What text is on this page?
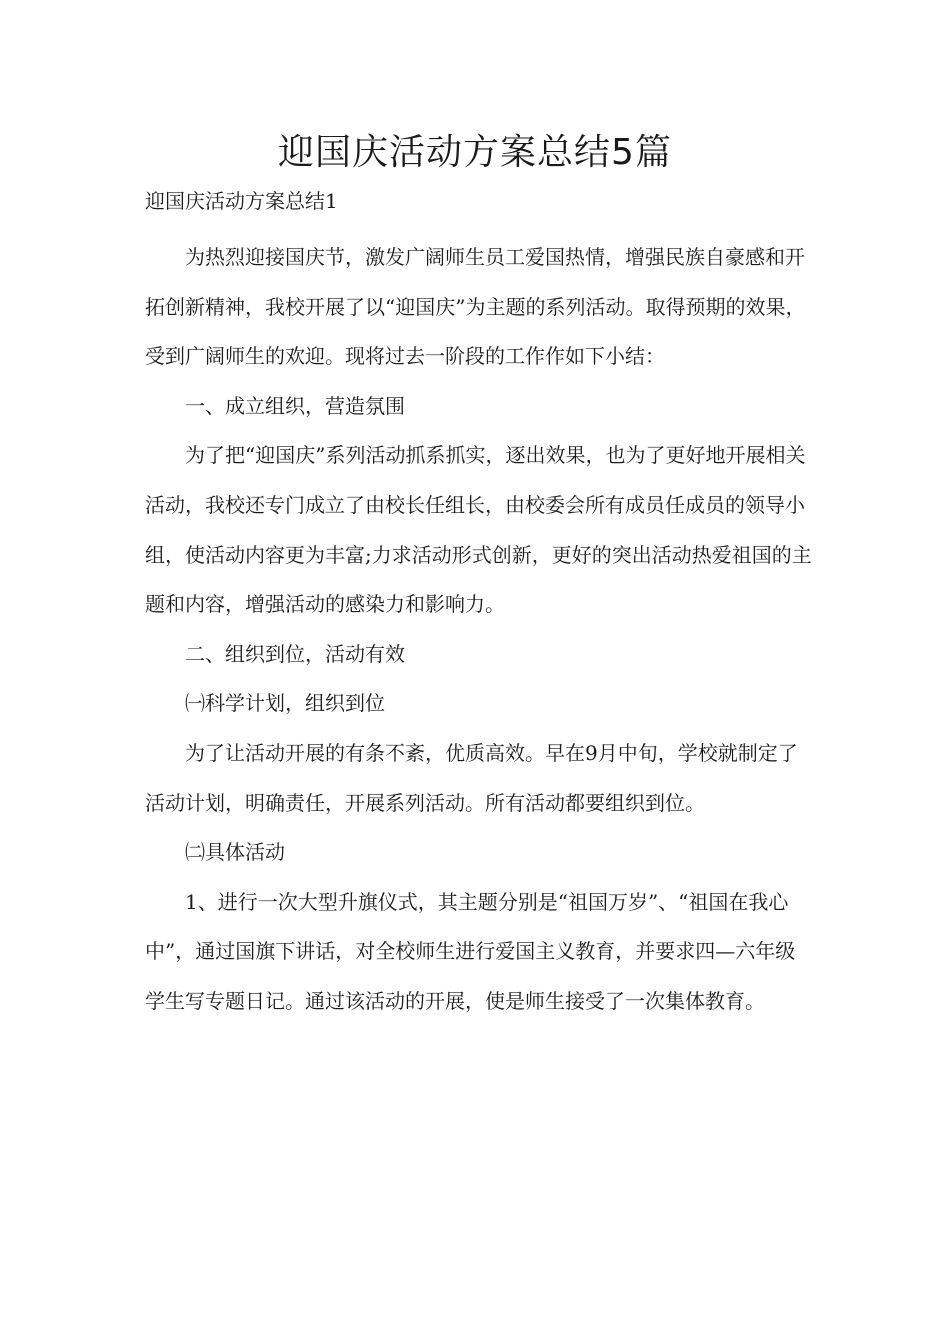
迎国庆活动方案总结5篇
迎国庆活动方案总结1

为热烈迎接国庆节，激发广阔师生员工爱国热情，增强民族自豪感和开拓创新精神，我校开展了以“迎国庆”为主题的系列活动。取得预期的效果，受到广阔师生的欢迎。现将过去一阶段的工作作如下小结：

一、成立组织，营造氛围

为了把“迎国庆”系列活动抓系抓实，逐出效果，也为了更好地开展相关活动，我校还专门成立了由校长任组长，由校委会所有成员任成员的领导小组，使活动内容更为丰富;力求活动形式创新，更好的突出活动热爱祖国的主题和内容，增强活动的感染力和影响力。

二、组织到位，活动有效

㈠科学计划，组织到位

为了让活动开展的有条不紊，优质高效。早在9月中旬，学校就制定了活动计划，明确责任，开展系列活动。所有活动都要组织到位。

㈡具体活动

1、进行一次大型升旗仪式，其主题分别是“祖国万岁”、“祖国在我心中”，通过国旗下讲话，对全校师生进行爱国主义教育，并要求四—六年级学生写专题日记。通过该活动的开展，使是师生接受了一次集体教育。
